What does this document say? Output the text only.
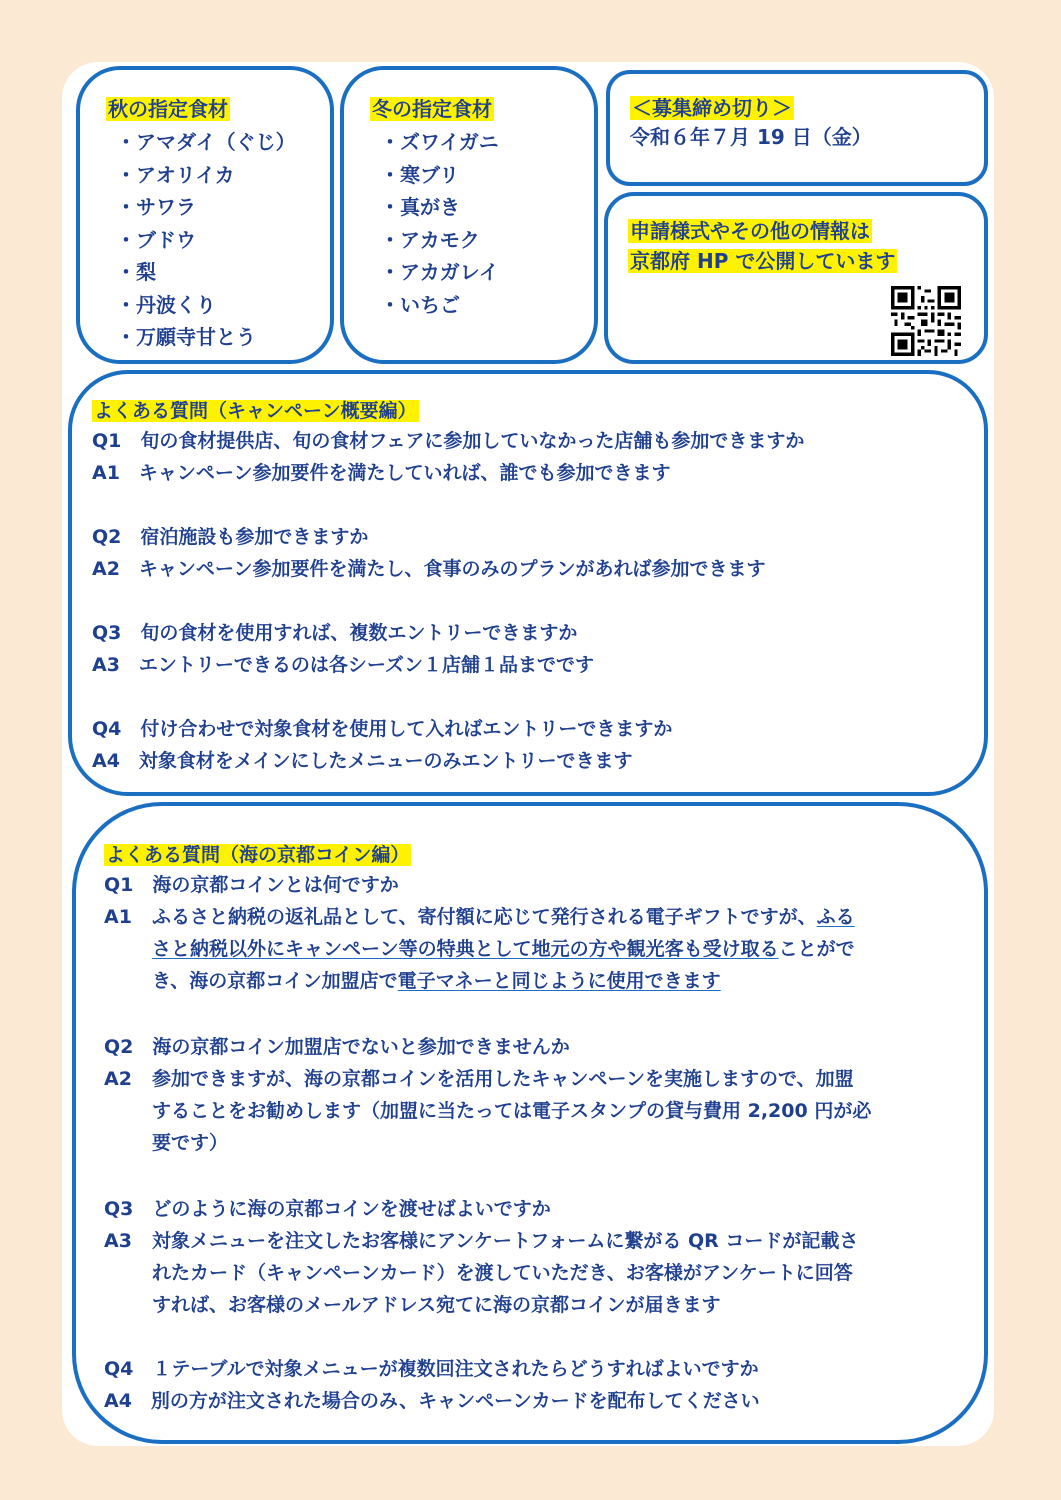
秋の指定食材
・アマダイ（ぐじ）
・アオリイカ
・サワラ
・ブドウ
・梨
・丹波くり
・万願寺甘とう
冬の指定食材
・ズワイガニ
・寒ブリ
・真がき
・アカモク
・アカガレイ
・いちご
＜募集締め切り＞
令和６年７月 19 日（金）
申請様式やその他の情報は
京都府 HP で公開しています
よくある質問（キャンペーン概要編）
Q1　旬の食材提供店、旬の食材フェアに参加していなかった店舗も参加できますか
A1　キャンペーン参加要件を満たしていれば、誰でも参加できます
Q2　宿泊施設も参加できますか
A2　キャンペーン参加要件を満たし、食事のみのプランがあれば参加できます
Q3　旬の食材を使用すれば、複数エントリーできますか
A3　エントリーできるのは各シーズン１店舗１品までです
Q4　付け合わせで対象食材を使用して入ればエントリーできますか
A4　対象食材をメインにしたメニューのみエントリーできます
よくある質問（海の京都コイン編）
Q1　海の京都コインとは何ですか
A1 ふるさと納税の返礼品として、寄付額に応じて発行される電子ギフトですが、ふる
さと納税以外にキャンペーン等の特典として地元の方や観光客も受け取ることがで
き、海の京都コイン加盟店で電子マネーと同じように使用できます
Q2　海の京都コイン加盟店でないと参加できませんか
A2 参加できますが、海の京都コインを活用したキャンペーンを実施しますので、加盟
することをお勧めします（加盟に当たっては電子スタンプの貸与費用 2,200 円が必
要です）
Q3　どのように海の京都コインを渡せばよいですか
A3 対象メニューを注文したお客様にアンケートフォームに繋がる QR コードが記載さ
れたカード（キャンペーンカード）を渡していただき、お客様がアンケートに回答
すれば、お客様のメールアドレス宛てに海の京都コインが届きます
Q4　１テーブルで対象メニューが複数回注文されたらどうすればよいですか
A4　別の方が注文された場合のみ、キャンペーンカードを配布してください
